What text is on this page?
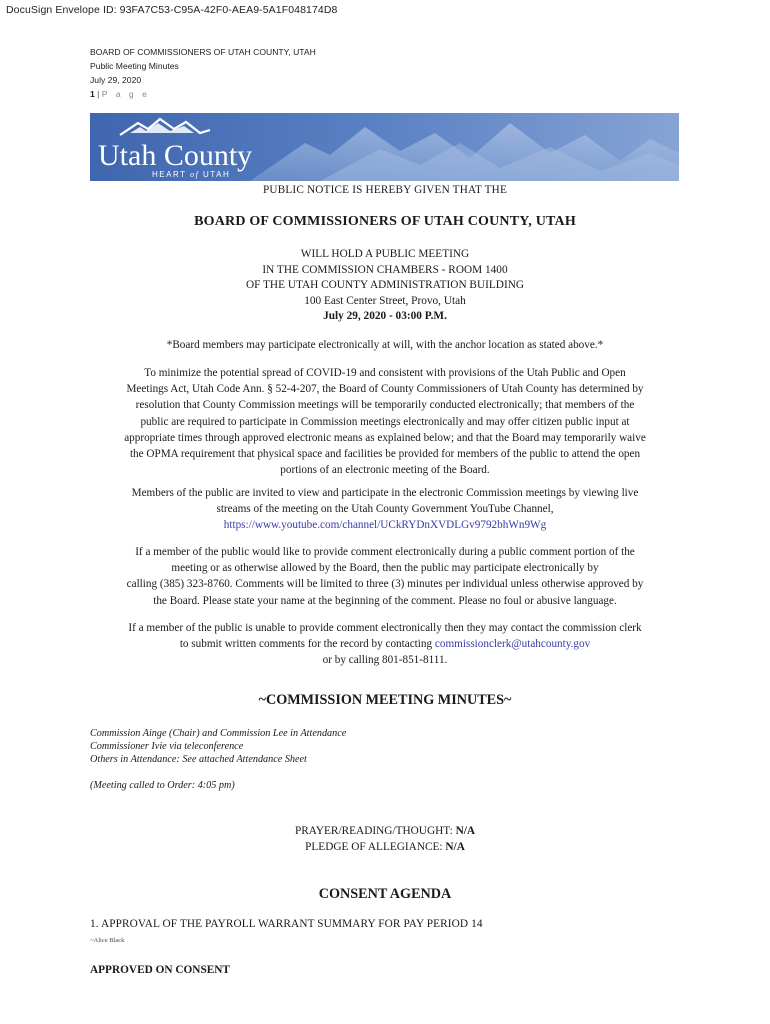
DocuSign Envelope ID: 93FA7C53-C95A-42F0-AEA9-5A1F048174D8
BOARD OF COMMISSIONERS OF UTAH COUNTY, UTAH
Public Meeting Minutes
July 29, 2020
1 | P a g e
Utah County
HEART of UTAH
PUBLIC NOTICE IS HEREBY GIVEN THAT THE
BOARD OF COMMISSIONERS OF UTAH COUNTY, UTAH
WILL HOLD A PUBLIC MEETING
IN THE COMMISSION CHAMBERS - ROOM 1400
OF THE UTAH COUNTY ADMINISTRATION BUILDING
100 East Center Street, Provo, Utah
July 29, 2020 - 03:00 P.M.
*Board members may participate electronically at will, with the anchor location as stated above.*
To minimize the potential spread of COVID-19 and consistent with provisions of the Utah Public and Open
Meetings Act, Utah Code Ann. § 52-4-207, the Board of County Commissioners of Utah County has determined by
resolution that County Commission meetings will be temporarily conducted electronically; that members of the
public are required to participate in Commission meetings electronically and may offer citizen public input at
appropriate times through approved electronic means as explained below; and that the Board may temporarily waive
the OPMA requirement that physical space and facilities be provided for members of the public to attend the open
portions of an electronic meeting of the Board.
Members of the public are invited to view and participate in the electronic Commission meetings by viewing live
streams of the meeting on the Utah County Government YouTube Channel,
https://www.youtube.com/channel/UCkRYDnXVDLGv9792bhWn9Wg
If a member of the public would like to provide comment electronically during a public comment portion of the
meeting or as otherwise allowed by the Board, then the public may participate electronically by
calling (385) 323-8760. Comments will be limited to three (3) minutes per individual unless otherwise approved by
the Board. Please state your name at the beginning of the comment. Please no foul or abusive language.
If a member of the public is unable to provide comment electronically then they may contact the commission clerk
to submit written comments for the record by contacting commissionclerk@utahcounty.gov
or by calling 801-851-8111.
~COMMISSION MEETING MINUTES~
Commission Ainge (Chair) and Commission Lee in Attendance
Commissioner Ivie via teleconference
Others in Attendance: See attached Attendance Sheet
(Meeting called to Order: 4:05 pm)
PRAYER/READING/THOUGHT: N/A
PLEDGE OF ALLEGIANCE: N/A
CONSENT AGENDA
1. APPROVAL OF THE PAYROLL WARRANT SUMMARY FOR PAY PERIOD 14
~Alice Black
APPROVED ON CONSENT
